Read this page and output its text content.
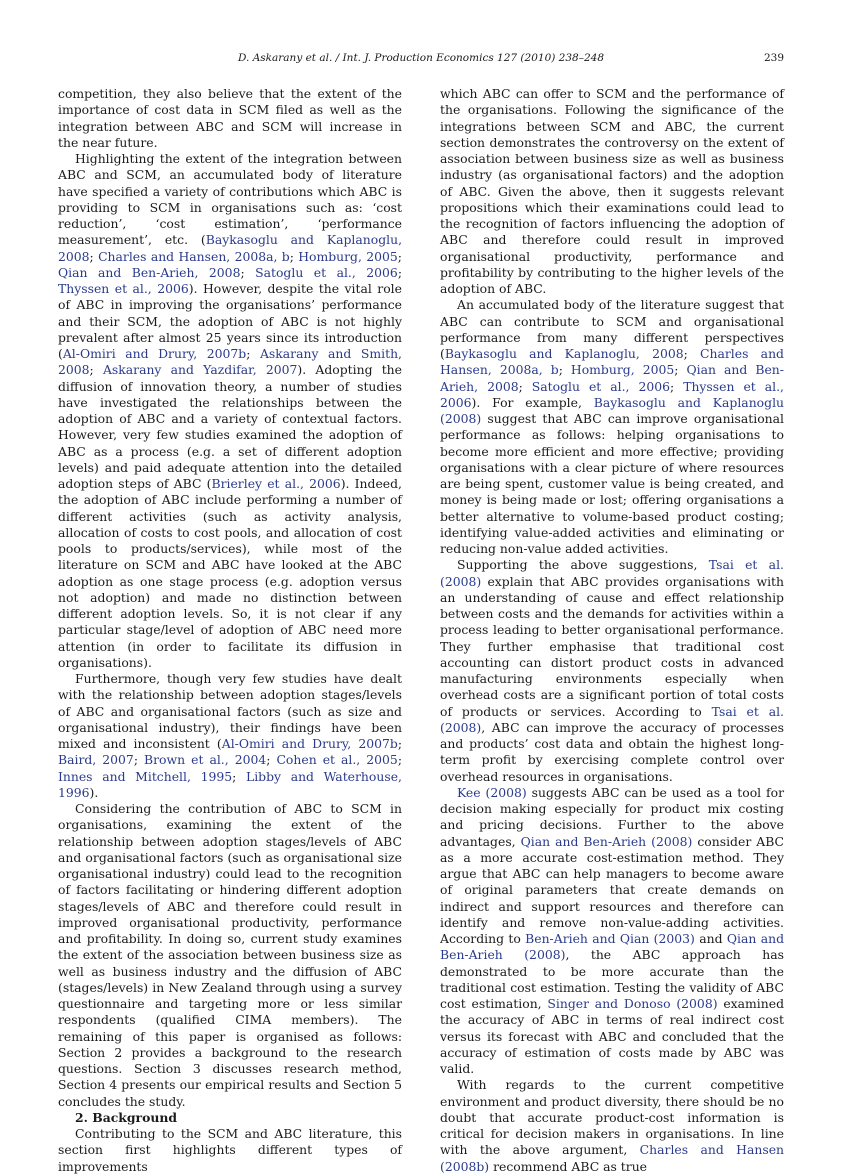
D. Askarany et al. / Int. J. Production Economics 127 (2010) 238–248	239

competition, they also believe that the extent of the importance of cost data in SCM filed as well as the integration between ABC and SCM will increase in the near future.

Highlighting the extent of the integration between ABC and SCM, an accumulated body of literature have specified a variety of contributions which ABC is providing to SCM in organisations such as: ‘cost reduction’, ‘cost estimation’, ‘performance measurement’, etc. (Baykasoglu and Kaplanoglu, 2008; Charles and Hansen, 2008a, b; Homburg, 2005; Qian and Ben-Arieh, 2008; Satoglu et al., 2006; Thyssen et al., 2006). However, despite the vital role of ABC in improving the organisations’ performance and their SCM, the adoption of ABC is not highly prevalent after almost 25 years since its introduction (Al-Omiri and Drury, 2007b; Askarany and Smith, 2008; Askarany and Yazdifar, 2007). Adopting the diffusion of innovation theory, a number of studies have investigated the relationships between the adoption of ABC and a variety of contextual factors. However, very few studies examined the adoption of ABC as a process (e.g. a set of different adoption levels) and paid adequate attention into the detailed adoption steps of ABC (Brierley et al., 2006). Indeed, the adoption of ABC include performing a number of different activities (such as activity analysis, allocation of costs to cost pools, and allocation of cost pools to products/services), while most of the literature on SCM and ABC have looked at the ABC adoption as one stage process (e.g. adoption versus not adoption) and made no distinction between different adoption levels. So, it is not clear if any particular stage/level of adoption of ABC need more attention (in order to facilitate its diffusion in organisations).

Furthermore, though very few studies have dealt with the relationship between adoption stages/levels of ABC and organisational factors (such as size and organisational industry), their findings have been mixed and inconsistent (Al-Omiri and Drury, 2007b; Baird, 2007; Brown et al., 2004; Cohen et al., 2005; Innes and Mitchell, 1995; Libby and Waterhouse, 1996).

Considering the contribution of ABC to SCM in organisations, examining the extent of the relationship between adoption stages/levels of ABC and organisational factors (such as organisational size organisational industry) could lead to the recognition of factors facilitating or hindering different adoption stages/levels of ABC and therefore could result in improved organisational productivity, performance and profitability. In doing so, current study examines the extent of the association between business size as well as business industry and the diffusion of ABC (stages/levels) in New Zealand through using a survey questionnaire and targeting more or less similar respondents (qualified CIMA members). The remaining of this paper is organised as follows: Section 2 provides a background to the research questions. Section 3 discusses research method, Section 4 presents our empirical results and Section 5 concludes the study.

2. Background

Contributing to the SCM and ABC literature, this section first highlights different types of improvements

which ABC can offer to SCM and the performance of the organisations. Following the significance of the integrations between SCM and ABC, the current section demonstrates the controversy on the extent of association between business size as well as business industry (as organisational factors) and the adoption of ABC. Given the above, then it suggests relevant propositions which their examinations could lead to the recognition of factors influencing the adoption of ABC and therefore could result in improved organisational productivity, performance and profitability by contributing to the higher levels of the adoption of ABC.

An accumulated body of the literature suggest that ABC can contribute to SCM and organisational performance from many different perspectives (Baykasoglu and Kaplanoglu, 2008; Charles and Hansen, 2008a, b; Homburg, 2005; Qian and Ben-Arieh, 2008; Satoglu et al., 2006; Thyssen et al., 2006). For example, Baykasoglu and Kaplanoglu (2008) suggest that ABC can improve organisational performance as follows: helping organisations to become more efficient and more effective; providing organisations with a clear picture of where resources are being spent, customer value is being created, and money is being made or lost; offering organisations a better alternative to volume-based product costing; identifying value-added activities and eliminating or reducing non-value added activities.

Supporting the above suggestions, Tsai et al. (2008) explain that ABC provides organisations with an understanding of cause and effect relationship between costs and the demands for activities within a process leading to better organisational performance. They further emphasise that traditional cost accounting can distort product costs in advanced manufacturing environments especially when overhead costs are a significant portion of total costs of products or services. According to Tsai et al. (2008), ABC can improve the accuracy of processes and products’ cost data and obtain the highest long-term profit by exercising complete control over overhead resources in organisations.

Kee (2008) suggests ABC can be used as a tool for decision making especially for product mix costing and pricing decisions. Further to the above advantages, Qian and Ben-Arieh (2008) consider ABC as a more accurate cost-estimation method. They argue that ABC can help managers to become aware of original parameters that create demands on indirect and support resources and therefore can identify and remove non-value-adding activities. According to Ben-Arieh and Qian (2003) and Qian and Ben-Arieh (2008), the ABC approach has demonstrated to be more accurate than the traditional cost estimation. Testing the validity of ABC cost estimation, Singer and Donoso (2008) examined the accuracy of ABC in terms of real indirect cost versus its forecast with ABC and concluded that the accuracy of estimation of costs made by ABC was valid.

With regards to the current competitive environment and product diversity, there should be no doubt that accurate product-cost information is critical for decision makers in organisations. In line with the above argument, Charles and Hansen (2008b) recommend ABC as true
